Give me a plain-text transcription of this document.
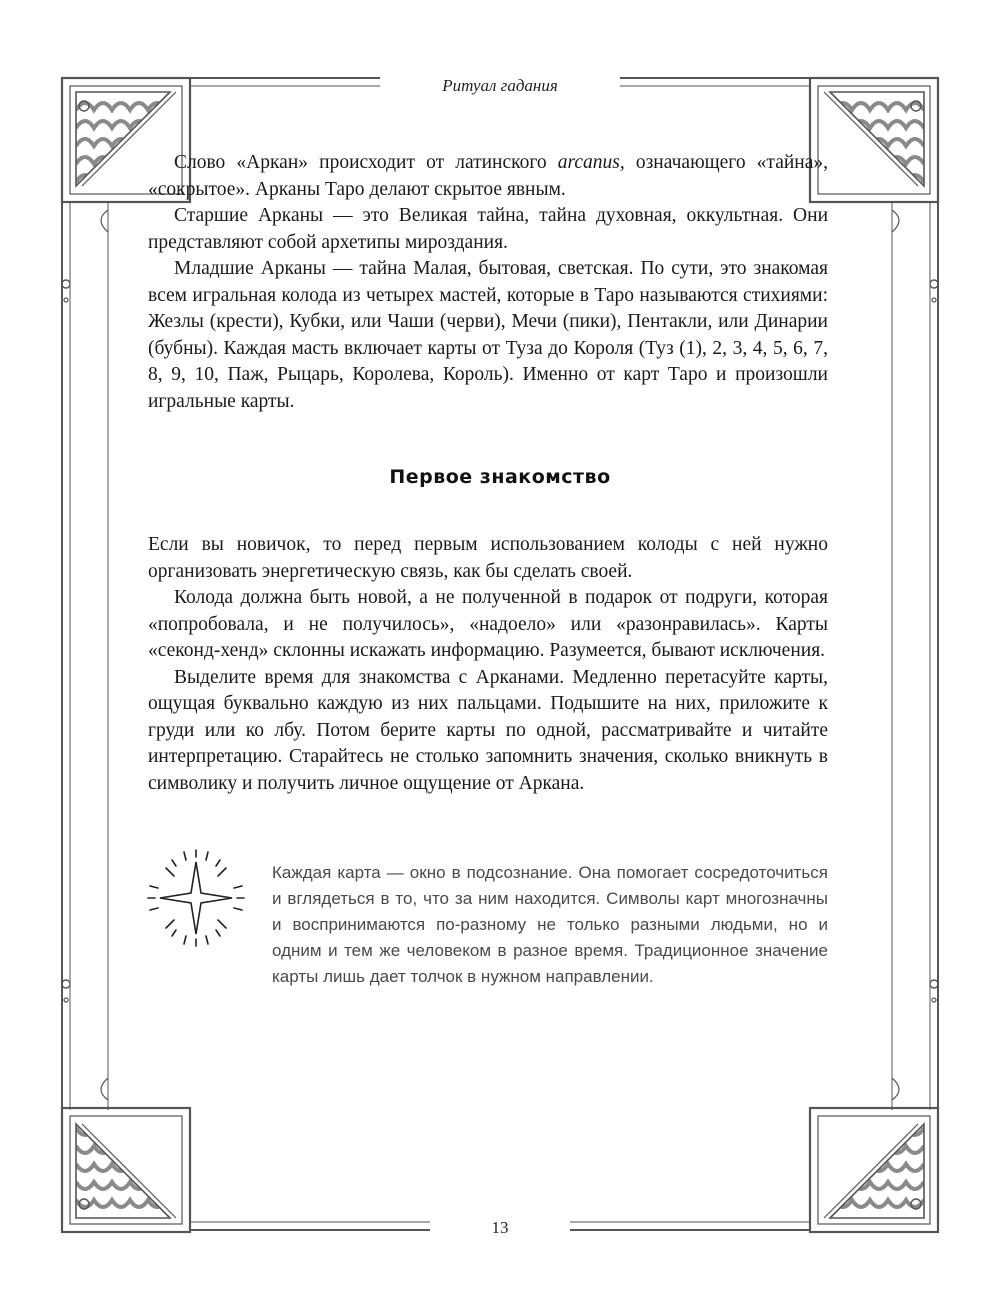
Ритуал гадания

Слово «Аркан» происходит от латинского arcanus, означающего «тайна», «сокрытое». Арканы Таро делают скрытое явным.

Старшие Арканы — это Великая тайна, тайна духовная, оккультная. Они представляют собой архетипы мироздания.

Младшие Арканы — тайна Малая, бытовая, светская. По сути, это знакомая всем игральная колода из четырех мастей, которые в Таро называются стихиями: Жезлы (крести), Кубки, или Чаши (черви), Мечи (пики), Пентакли, или Динарии (бубны). Каждая масть включает карты от Туза до Короля (Туз (1), 2, 3, 4, 5, 6, 7, 8, 9, 10, Паж, Рыцарь, Королева, Король). Именно от карт Таро и произошли игральные карты.

Первое знакомство

Если вы новичок, то перед первым использованием колоды с ней нужно организовать энергетическую связь, как бы сделать своей.

Колода должна быть новой, а не полученной в подарок от подруги, которая «попробовала, и не получилось», «надоело» или «разонравилась». Карты «секонд-хенд» склонны искажать информацию. Разумеется, бывают исключения.

Выделите время для знакомства с Арканами. Медленно перетасуйте карты, ощущая буквально каждую из них пальцами. Подышите на них, приложите к груди или ко лбу. Потом берите карты по одной, рассматривайте и читайте интерпретацию. Старайтесь не столько запомнить значения, сколько вникнуть в символику и получить личное ощущение от Аркана.

Каждая карта — окно в подсознание. Она помогает сосредоточиться и вглядеться в то, что за ним находится. Символы карт многозначны и воспринимаются по-разному не только разными людьми, но и одним и тем же человеком в разное время. Традиционное значение карты лишь дает толчок в нужном направлении.
13
